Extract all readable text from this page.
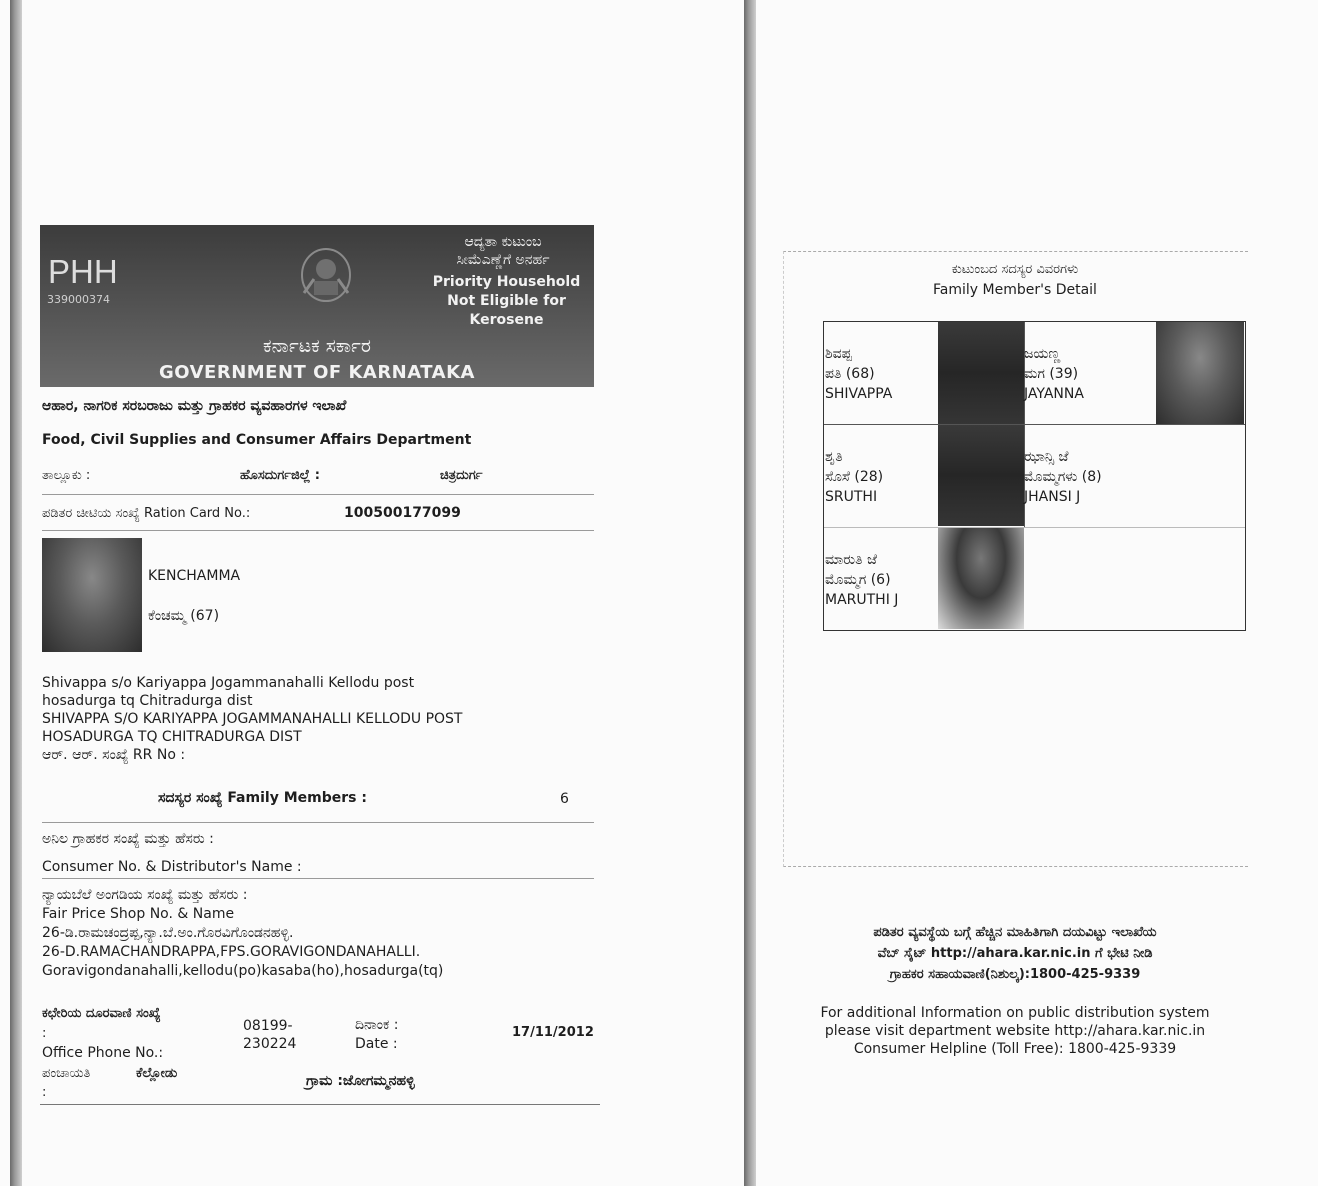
PHH
339000374
ಆದ್ಯತಾ ಕುಟುಂಬ
ಸೀಮೆಎಣ್ಣೆಗೆ ಅನರ್ಹ
Priority Household
Not Eligible for
Kerosene
ಕರ್ನಾಟಕ ಸರ್ಕಾರ
GOVERNMENT OF KARNATAKA
ಆಹಾರ, ನಾಗರಿಕ ಸರಬರಾಜು ಮತ್ತು ಗ್ರಾಹಕರ ವ್ಯವಹಾರಗಳ ಇಲಾಖೆ
Food, Civil Supplies and Consumer Affairs Department
ತಾಲ್ಲೂಕು :	ಹೊಸದುರ್ಗಜಿಲ್ಲೆ :	ಚಿತ್ರದುರ್ಗ
ಪಡಿತರ ಚೀಟಿಯ ಸಂಖ್ಯೆ Ration Card No.:	100500177099
KENCHAMMA
ಕೆಂಚಮ್ಮ (67)
Shivappa s/o Kariyappa Jogammanahalli Kellodu post
hosadurga tq Chitradurga dist
SHIVAPPA S/O KARIYAPPA JOGAMMANAHALLI KELLODU POST
HOSADURGA TQ CHITRADURGA DIST
ಆರ್. ಆರ್. ಸಂಖ್ಯೆ RR No :
ಸದಸ್ಯರ ಸಂಖ್ಯೆ Family Members :	6
ಅನಿಲ ಗ್ರಾಹಕರ ಸಂಖ್ಯೆ ಮತ್ತು ಹೆಸರು :
Consumer No. & Distributor's Name :
ನ್ಯಾಯಬೆಲೆ ಅಂಗಡಿಯ ಸಂಖ್ಯೆ ಮತ್ತು ಹೆಸರು :
Fair Price Shop No. & Name
26-ಡಿ.ರಾಮಚಂದ್ರಪ್ಪ,ನ್ಯಾ.ಬೆ.ಅಂ.ಗೊರವಿಗೊಂಡನಹಳ್ಳಿ.
26-D.RAMACHANDRAPPA,FPS.GORAVIGONDANAHALLI.
Goravigondanahalli,kellodu(po)kasaba(ho),hosadurga(tq)
ಕಛೇರಿಯ ದೂರವಾಣಿ ಸಂಖ್ಯೆ
:
Office Phone No.:
08199-
230224
ದಿನಾಂಕ :
Date :
17/11/2012
ಪಂಚಾಯತಿ	ಕೆಲ್ಲೋಡು
:
ಗ್ರಾಮ :ಜೋಗಮ್ಮನಹಳ್ಳಿ
ಕುಟುಂಬದ ಸದಸ್ಯರ ವಿವರಗಳು
Family Member's Detail
ಶಿವಪ್ಪ
ಪತಿ (68)
SHIVAPPA
ಜಯಣ್ಣ
ಮಗ (39)
JAYANNA
ಶೃತಿ
ಸೊಸೆ (28)
SRUTHI
ಝಾನ್ಸಿ ಜೆ
ಮೊಮ್ಮಗಳು (8)
JHANSI J
ಮಾರುತಿ ಜೆ
ಮೊಮ್ಮಗ (6)
MARUTHI J
ಪಡಿತರ ವ್ಯವಸ್ಥೆಯ ಬಗ್ಗೆ ಹೆಚ್ಚಿನ ಮಾಹಿತಿಗಾಗಿ ದಯವಿಟ್ಟು ಇಲಾಖೆಯ
ವೆಬ್ ಸೈಟ್ http://ahara.kar.nic.in ಗೆ ಭೇಟಿ ನೀಡಿ
ಗ್ರಾಹಕರ ಸಹಾಯವಾಣಿ(ನಿಶುಲ್ಕ):1800-425-9339
For additional Information on public distribution system
please visit department website http://ahara.kar.nic.in
Consumer Helpline (Toll Free): 1800-425-9339
